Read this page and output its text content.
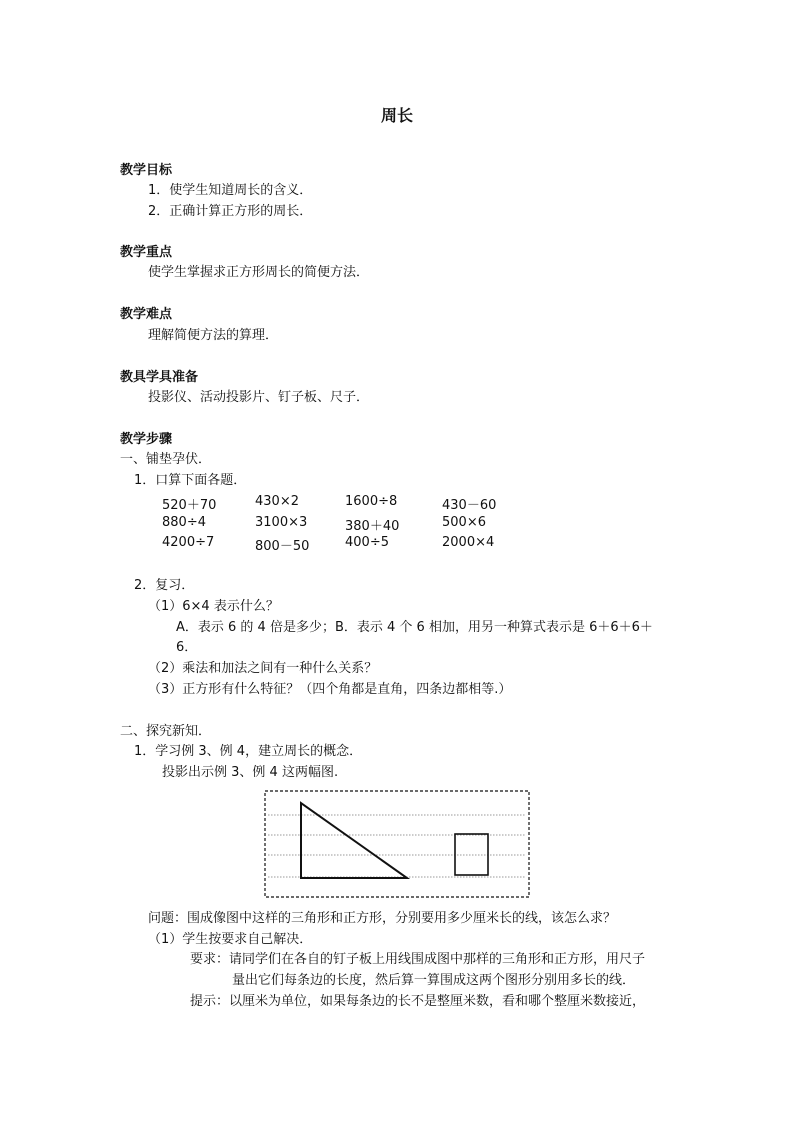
周长
教学目标
1．使学生知道周长的含义．
2．正确计算正方形的周长．
教学重点
使学生掌握求正方形周长的简便方法．
教学难点
理解简便方法的算理．
教具学具准备
投影仪、活动投影片、钉子板、尺子．
教学步骤
一、铺垫孕伏．
1．口算下面各题．
520＋70	430×2	1600÷8	430－60
880÷4	3100×3	380＋40	500×6
4200÷7	800－50	400÷5	2000×4
2．复习．
（1）6×4 表示什么？
A．表示 6 的 4 倍是多少；B．表示 4 个 6 相加，用另一种算式表示是 6＋6＋6＋
6．
（2）乘法和加法之间有一种什么关系？
（3）正方形有什么特征？（四个角都是直角，四条边都相等.）
二、探究新知．
1．学习例 3、例 4，建立周长的概念．
投影出示例 3、例 4 这两幅图.
问题：围成像图中这样的三角形和正方形，分别要用多少厘米长的线，该怎么求？
（1）学生按要求自己解决．
要求：请同学们在各自的钉子板上用线围成图中那样的三角形和正方形，用尺子
量出它们每条边的长度，然后算一算围成这两个图形分别用多长的线．
提示：以厘米为单位，如果每条边的长不是整厘米数，看和哪个整厘米数接近，
